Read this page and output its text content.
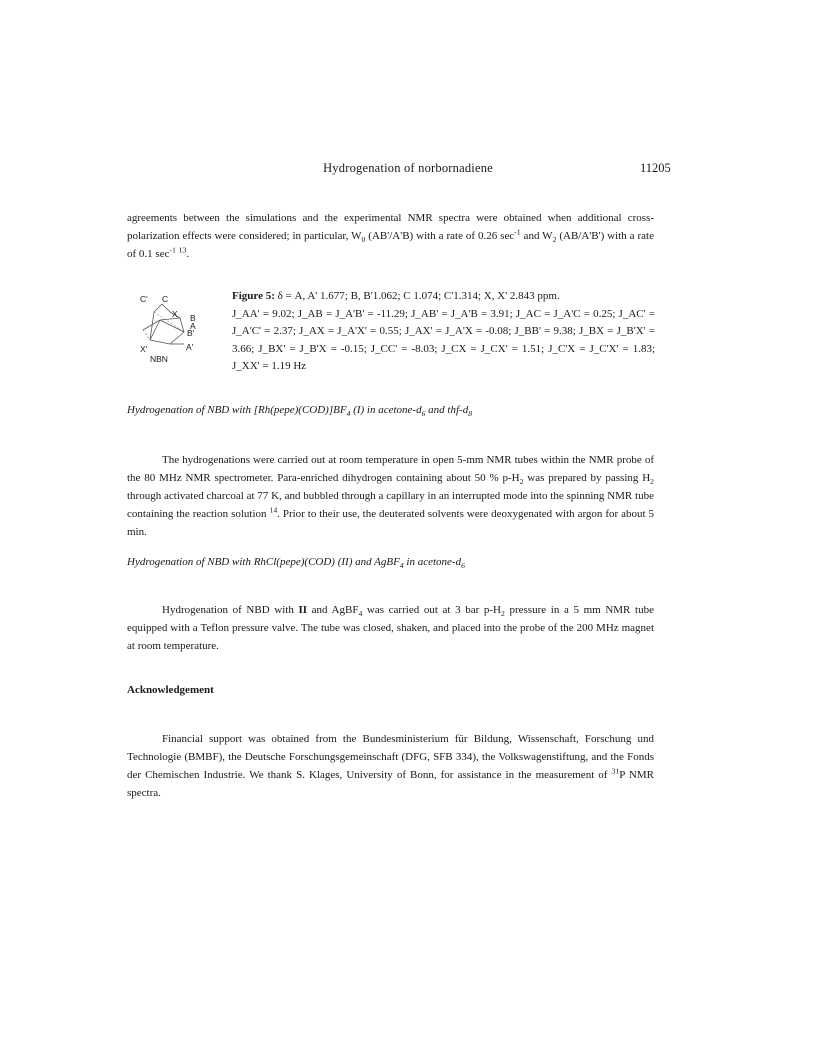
Hydrogenation of norbornadiene	11205
agreements between the simulations and the experimental NMR spectra were obtained when additional cross-polarization effects were considered; in particular, $W_0$ (AB'/A'B) with a rate of 0.26 $\sec^{-1}$ and $W_2$ (AB/A'B') with a rate of 0.1 $\sec^{-1} ^{13}$.
C' C
X B
B'
A
A'
X'
NBN
Figure 5: δ = A, A' 1.677; B, B'1.062; C 1.074; C'1.314; X, X' 2.843 ppm.
J_AA' = 9.02; J_AB = J_A'B' = -11.29; J_AB' = J_A'B = 3.91; J_AC = J_A'C = 0.25; J_AC' = J_A'C' = 2.37; J_AX = J_A'X' = 0.55; J_AX' = J_A'X = -0.08; J_BB' = 9.38; J_BX = J_B'X' = 3.66; J_BX' = J_B'X = -0.15; J_CC' = -8.03; J_CX = J_CX' = 1.51; J_C'X = J_C'X' = 1.83; J_XX' = 1.19 Hz
Hydrogenation of NBD with $[Rh(pepe)(COD)]BF_4$ (I) in acetone-$d_6$ and thf-$d_8$
The hydrogenations were carried out at room temperature in open 5-mm NMR tubes within the NMR probe of the 80 MHz NMR spectrometer. Para-enriched dihydrogen containing about 50 % $p-H_2$ was prepared by passing $H_2$ through activated charcoal at 77 K, and bubbled through a capillary in an interrupted mode into the spinning NMR tube containing the reaction solution $^{14}$. Prior to their use, the deuterated solvents were deoxygenated with argon for about 5 min.
Hydrogenation of NBD with RhCl(pepe)(COD) (II) and AgBF$_4$ in acetone-$d_6$
Hydrogenation of NBD with II and AgBF$_4$ was carried out at 3 bar $p-H_2$ pressure in a 5 mm NMR tube equipped with a Teflon pressure valve. The tube was closed, shaken, and placed into the probe of the 200 MHz magnet at room temperature.
Acknowledgement
Financial support was obtained from the Bundesministerium für Bildung, Wissenschaft, Forschung und Technologie (BMBF), the Deutsche Forschungsgemeinschaft (DFG, SFB 334), the Volkswagenstiftung, and the Fonds der Chemischen Industrie. We thank S. Klages, University of Bonn, for assistance in the measurement of $^{31}$P NMR spectra.
